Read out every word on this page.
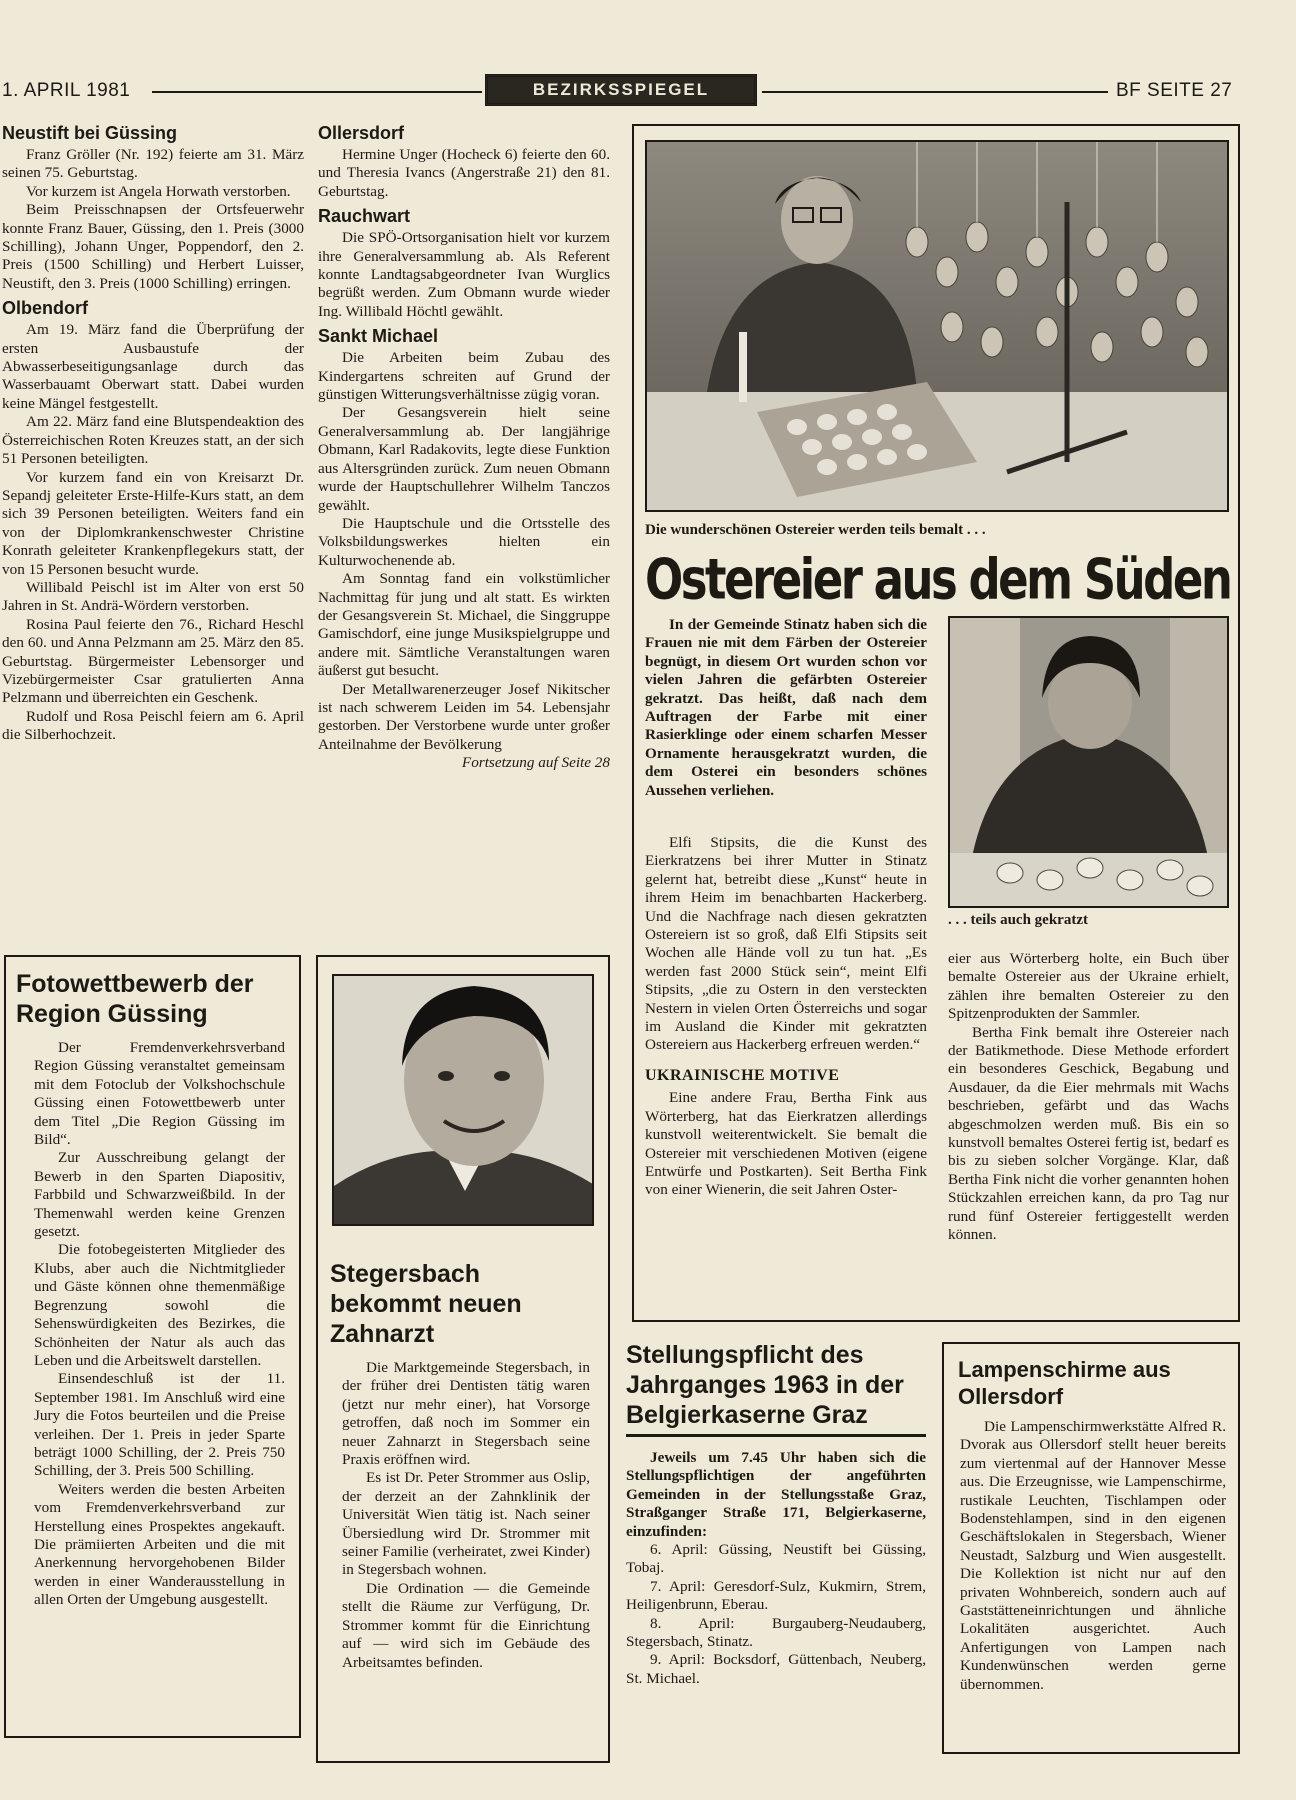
1. APRIL 1981	BEZIRKSSPIEGEL	BF SEITE 27
Neustift bei Güssing

Franz Gröller (Nr. 192) feierte am 31. März seinen 75. Geburtstag.

Vor kurzem ist Angela Horwath verstorben.

Beim Preisschnapsen der Ortsfeuerwehr konnte Franz Bauer, Güssing, den 1. Preis (3000 Schilling), Johann Unger, Poppendorf, den 2. Preis (1500 Schilling) und Herbert Luisser, Neustift, den 3. Preis (1000 Schilling) erringen.

Olbendorf

Am 19. März fand die Überprüfung der ersten Ausbaustufe der Abwasserbeseitigungsanlage durch das Wasserbauamt Oberwart statt. Dabei wurden keine Mängel festgestellt.

Am 22. März fand eine Blutspendeaktion des Österreichischen Roten Kreuzes statt, an der sich 51 Personen beteiligten.

Vor kurzem fand ein von Kreisarzt Dr. Sepandj geleiteter Erste-Hilfe-Kurs statt, an dem sich 39 Personen beteiligten. Weiters fand ein von der Diplomkrankenschwester Christine Konrath geleiteter Krankenpflegekurs statt, der von 15 Personen besucht wurde.

Willibald Peischl ist im Alter von erst 50 Jahren in St. Andrä-Wördern verstorben.

Rosina Paul feierte den 76., Richard Heschl den 60. und Anna Pelzmann am 25. März den 85. Geburtstag. Bürgermeister Lebensorger und Vizebürgermeister Csar gratulierten Anna Pelzmann und überreichten ein Geschenk.

Rudolf und Rosa Peischl feiern am 6. April die Silberhochzeit.

Ollersdorf

Hermine Unger (Hocheck 6) feierte den 60. und Theresia Ivancs (Angerstraße 21) den 81. Geburtstag.

Rauchwart

Die SPÖ-Ortsorganisation hielt vor kurzem ihre Generalversammlung ab. Als Referent konnte Landtagsabgeordneter Ivan Wurglics begrüßt werden. Zum Obmann wurde wieder Ing. Willibald Höchtl gewählt.

Sankt Michael

Die Arbeiten beim Zubau des Kindergartens schreiten auf Grund der günstigen Witterungsverhältnisse zügig voran.

Der Gesangsverein hielt seine Generalversammlung ab. Der langjährige Obmann, Karl Radakovits, legte diese Funktion aus Altersgründen zurück. Zum neuen Obmann wurde der Hauptschullehrer Wilhelm Tanczos gewählt.

Die Hauptschule und die Ortsstelle des Volksbildungswerkes hielten ein Kulturwochenende ab.

Am Sonntag fand ein volkstümlicher Nachmittag für jung und alt statt. Es wirkten der Gesangsverein St. Michael, die Singgruppe Gamischdorf, eine junge Musikspielgruppe und andere mit. Sämtliche Veranstaltungen waren äußerst gut besucht.

Der Metallwarenerzeuger Josef Nikitscher ist nach schwerem Leiden im 54. Lebensjahr gestorben. Der Verstorbene wurde unter großer Anteilnahme der Bevölkerung

Fortsetzung auf Seite 28

Die wunderschönen Ostereier werden teils bemalt . . .
Ostereier aus dem Süden
. . . teils auch gekratzt

In der Gemeinde Stinatz haben sich die Frauen nie mit dem Färben der Ostereier begnügt, in diesem Ort wurden schon vor vielen Jahren die gefärbten Ostereier gekratzt. Das heißt, daß nach dem Auftragen der Farbe mit einer Rasierklinge oder einem scharfen Messer Ornamente herausgekratzt wurden, die dem Osterei ein besonders schönes Aussehen verliehen.

Elfi Stipsits, die die Kunst des Eierkratzens bei ihrer Mutter in Stinatz gelernt hat, betreibt diese „Kunst“ heute in ihrem Heim im benachbarten Hackerberg. Und die Nachfrage nach diesen gekratzten Ostereiern ist so groß, daß Elfi Stipsits seit Wochen alle Hände voll zu tun hat. „Es werden fast 2000 Stück sein“, meint Elfi Stipsits, „die zu Ostern in den versteckten Nestern in vielen Orten Österreichs und sogar im Ausland die Kinder mit gekratzten Ostereiern aus Hackerberg erfreuen werden.“

UKRAINISCHE MOTIVE

Eine andere Frau, Bertha Fink aus Wörterberg, hat das Eierkratzen allerdings kunstvoll weiterentwickelt. Sie bemalt die Ostereier mit verschiedenen Motiven (eigene Entwürfe und Postkarten). Seit Bertha Fink von einer Wienerin, die seit Jahren Oster-

eier aus Wörterberg holte, ein Buch über bemalte Ostereier aus der Ukraine erhielt, zählen ihre bemalten Ostereier zu den Spitzenprodukten der Sammler.

Bertha Fink bemalt ihre Ostereier nach der Batikmethode. Diese Methode erfordert ein besonderes Geschick, Begabung und Ausdauer, da die Eier mehrmals mit Wachs beschrieben, gefärbt und das Wachs abgeschmolzen werden muß. Bis ein so kunstvoll bemaltes Osterei fertig ist, bedarf es bis zu sieben solcher Vorgänge. Klar, daß Bertha Fink nicht die vorher genannten hohen Stückzahlen erreichen kann, da pro Tag nur rund fünf Ostereier fertiggestellt werden können.

Fotowettbewerb der Region Güssing

Der Fremdenverkehrsverband Region Güssing veranstaltet gemeinsam mit dem Fotoclub der Volkshochschule Güssing einen Fotowettbewerb unter dem Titel „Die Region Güssing im Bild“.

Zur Ausschreibung gelangt der Bewerb in den Sparten Diapositiv, Farbbild und Schwarzweißbild. In der Themenwahl werden keine Grenzen gesetzt.

Die fotobegeisterten Mitglieder des Klubs, aber auch die Nichtmitglieder und Gäste können ohne themenmäßige Begrenzung sowohl die Sehenswürdigkeiten des Bezirkes, die Schönheiten der Natur als auch das Leben und die Arbeitswelt darstellen.

Einsendeschluß ist der 11. September 1981. Im Anschluß wird eine Jury die Fotos beurteilen und die Preise verleihen. Der 1. Preis in jeder Sparte beträgt 1000 Schilling, der 2. Preis 750 Schilling, der 3. Preis 500 Schilling.

Weiters werden die besten Arbeiten vom Fremdenverkehrsverband zur Herstellung eines Prospektes angekauft. Die prämiierten Arbeiten und die mit Anerkennung hervorgehobenen Bilder werden in einer Wanderausstellung in allen Orten der Umgebung ausgestellt.

Stegersbach bekommt neuen Zahnarzt

Die Marktgemeinde Stegersbach, in der früher drei Dentisten tätig waren (jetzt nur mehr einer), hat Vorsorge getroffen, daß noch im Sommer ein neuer Zahnarzt in Stegersbach seine Praxis eröffnen wird.

Es ist Dr. Peter Strommer aus Oslip, der derzeit an der Zahnklinik der Universität Wien tätig ist. Nach seiner Übersiedlung wird Dr. Strommer mit seiner Familie (verheiratet, zwei Kinder) in Stegersbach wohnen.

Die Ordination — die Gemeinde stellt die Räume zur Verfügung, Dr. Strommer kommt für die Einrichtung auf — wird sich im Gebäude des Arbeitsamtes befinden.

Stellungspflicht des Jahrganges 1963 in der Belgierkaserne Graz

Jeweils um 7.45 Uhr haben sich die Stellungspflichtigen der angeführten Gemeinden in der Stellungsstaße Graz, Straßganger Straße 171, Belgierkaserne, einzufinden:

6. April: Güssing, Neustift bei Güssing, Tobaj.

7. April: Geresdorf-Sulz, Kukmirn, Strem, Heiligenbrunn, Eberau.

8. April: Burgauberg-Neudauberg, Stegersbach, Stinatz.

9. April: Bocksdorf, Güttenbach, Neuberg, St. Michael.

Lampenschirme aus Ollersdorf

Die Lampenschirmwerkstätte Alfred R. Dvorak aus Ollersdorf stellt heuer bereits zum viertenmal auf der Hannover Messe aus. Die Erzeugnisse, wie Lampenschirme, rustikale Leuchten, Tischlampen oder Bodenstehlampen, sind in den eigenen Geschäftslokalen in Stegersbach, Wiener Neustadt, Salzburg und Wien ausgestellt. Die Kollektion ist nicht nur auf den privaten Wohnbereich, sondern auch auf Gaststätteneinrichtungen und ähnliche Lokalitäten ausgerichtet. Auch Anfertigungen von Lampen nach Kundenwünschen werden gerne übernommen.
